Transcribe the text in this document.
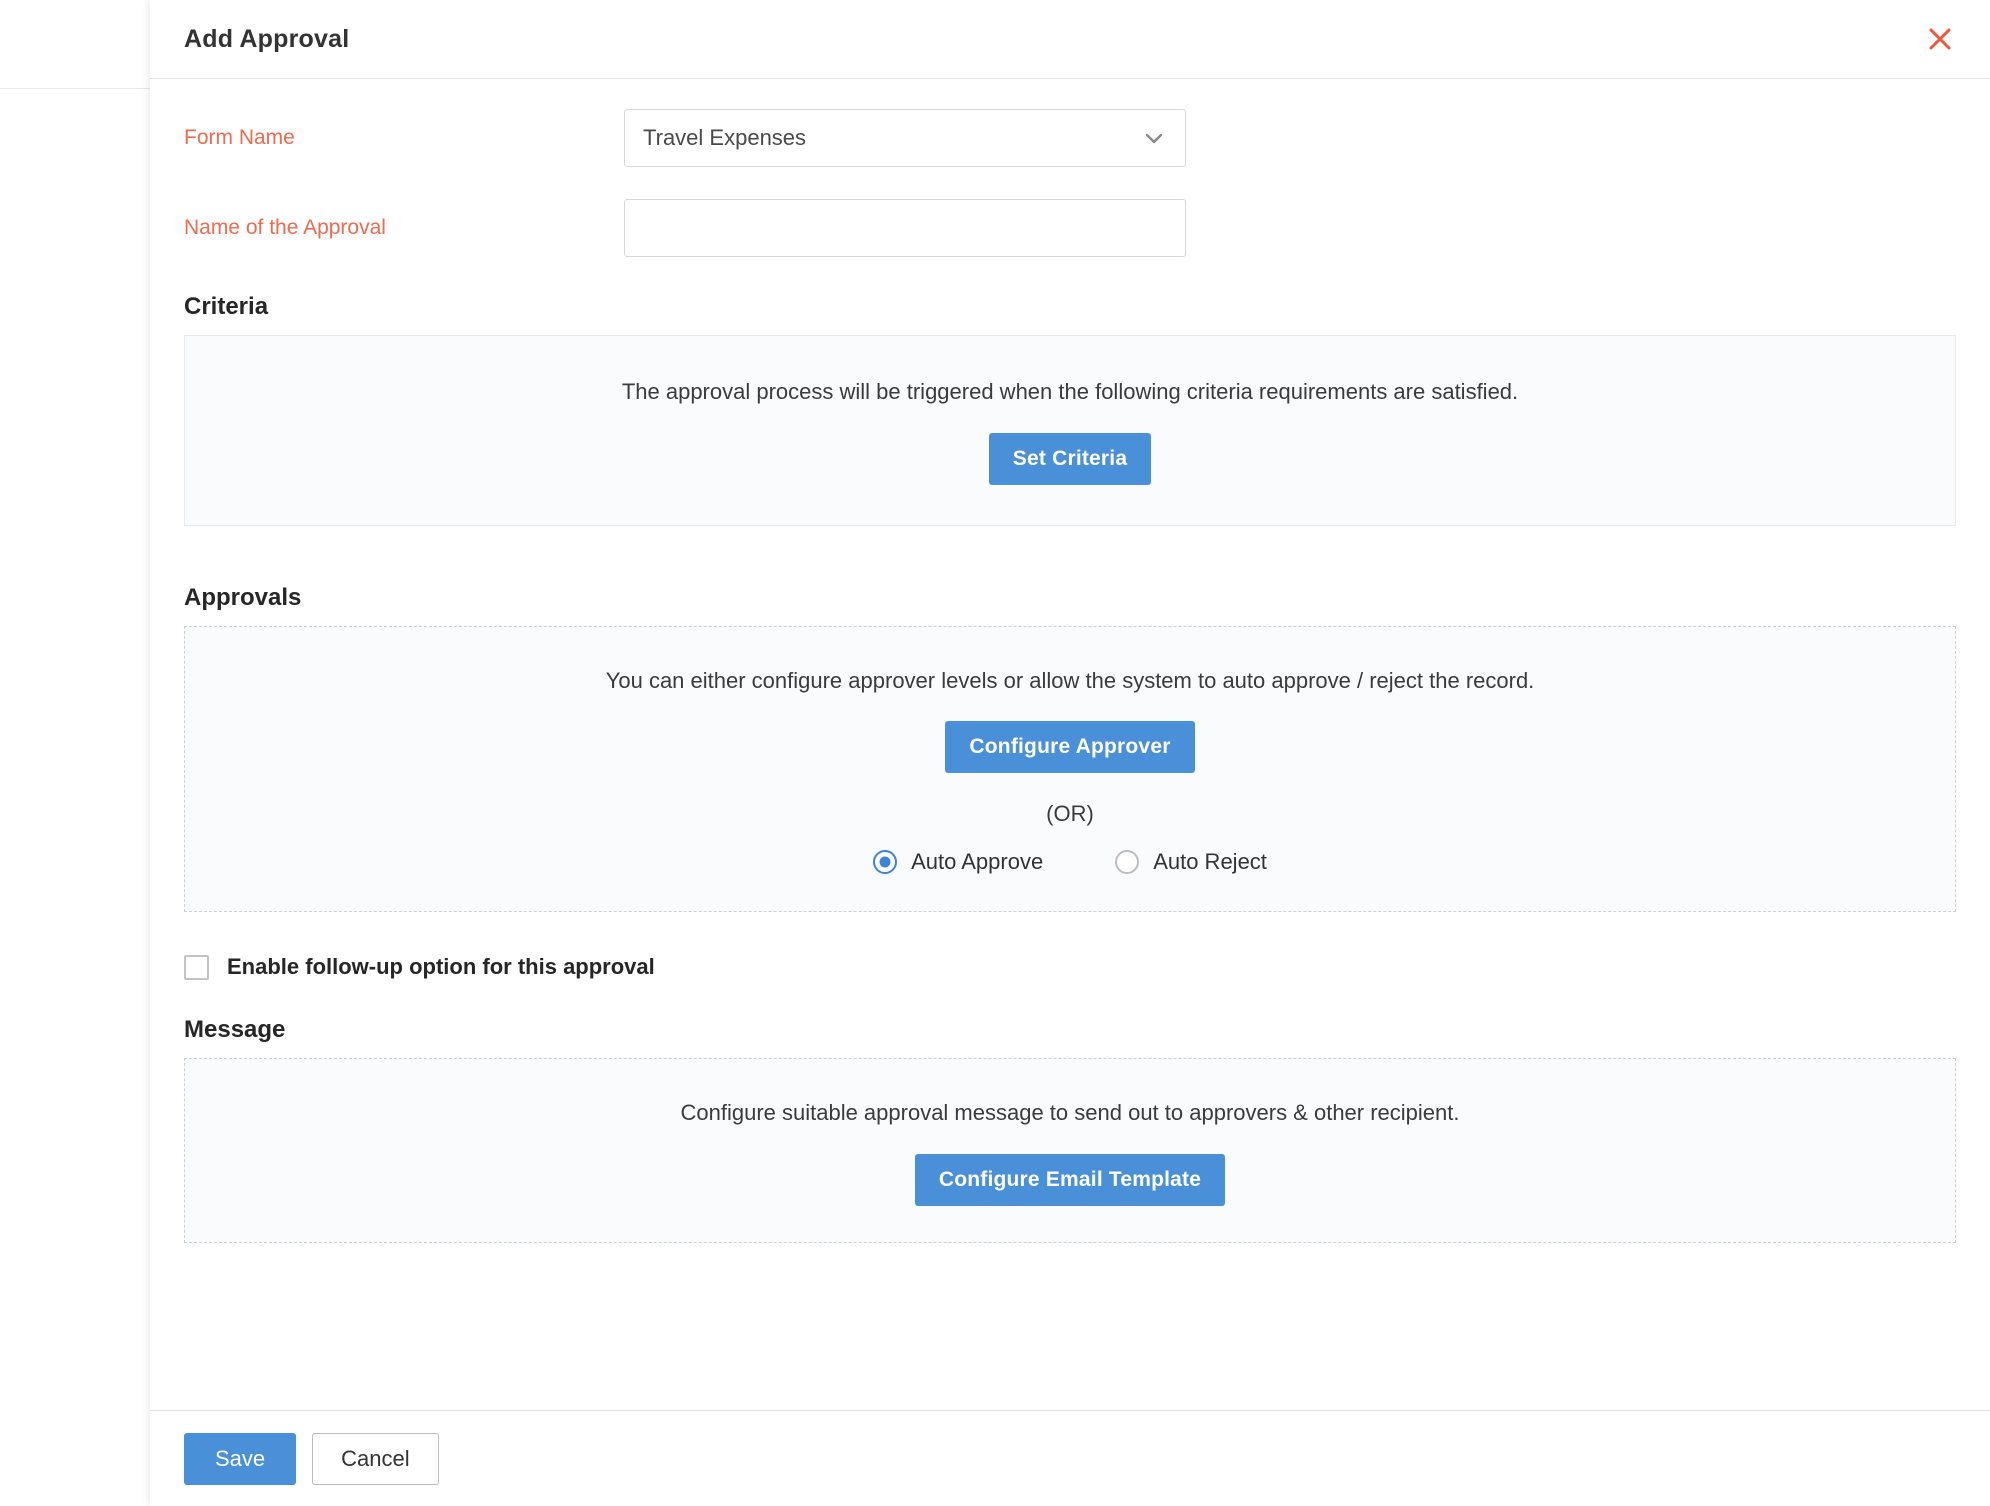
Add Approval
Form Name	Travel Expenses
Name of the Approval
Criteria
The approval process will be triggered when the following criteria requirements are satisfied.
Set Criteria
Approvals
You can either configure approver levels or allow the system to auto approve / reject the record.
Configure Approver
(OR)
Auto Approve	Auto Reject
Enable follow-up option for this approval
Message
Configure suitable approval message to send out to approvers & other recipient.
Configure Email Template
Save	Cancel
